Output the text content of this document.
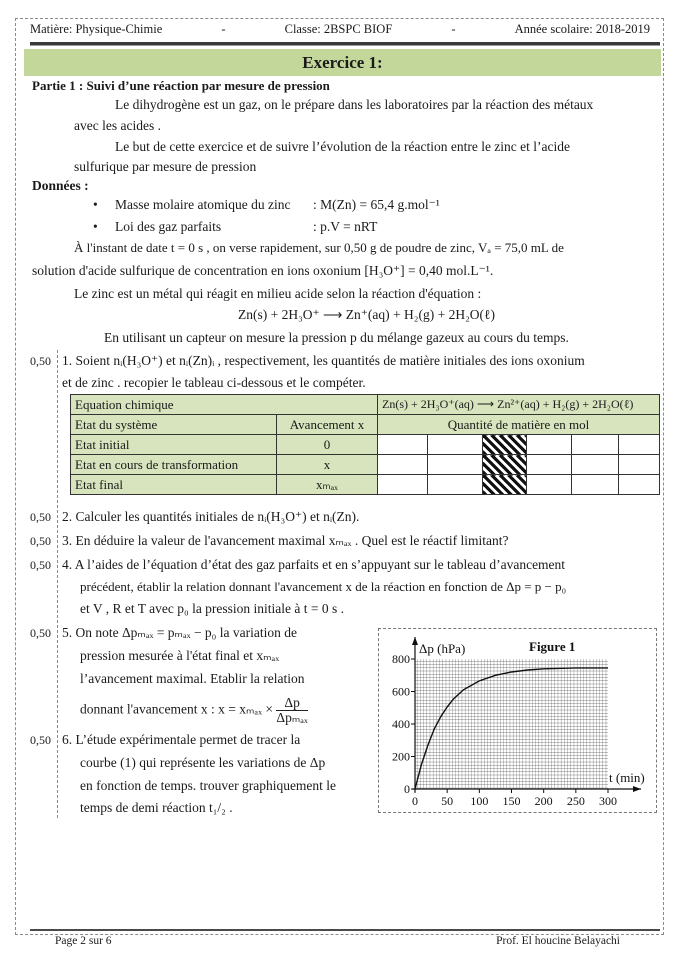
Matière: Physique-Chimie	-	Classe: 2BSPC BIOF	-	Année scolaire: 2018-2019
Exercice 1:
Partie 1 : Suivi d’une réaction par mesure de pression
Le dihydrogène est un gaz, on le prépare dans les laboratoires par la réaction des métaux
avec les acides .
Le but de cette exercice et de suivre l’évolution de la réaction entre le zinc et l’acide
sulfurique par mesure de pression
Données :
• Masse molaire atomique du zinc : M(Zn) = 65,4 g.mol⁻¹
• Loi des gaz parfaits	: p.V = nRT
À l'instant de date t = 0 s , on verse rapidement, sur 0,50 g de poudre de zinc, Vₐ = 75,0 mL de
solution d'acide sulfurique de concentration en ions oxonium [H₃O⁺] = 0,40 mol.L⁻¹.
Le zinc est un métal qui réagit en milieu acide selon la réaction d'équation :
Zn(s) + 2H₃O⁺ ⟶ Zn⁺(aq) + H₂(g) + 2H₂O(ℓ)
En utilisant un capteur on mesure la pression p du mélange gazeux au cours du temps.
0,50 1. Soient nᵢ(H₃O⁺) et nᵢ(Zn)ᵢ , respectivement, les quantités de matière initiales des ions oxonium
et de zinc . recopier le tableau ci-dessous et le compéter.
Equation chimique		Zn(s) + 2H₃O⁺(aq) ⟶ Zn²⁺(aq) + H₂(g) + 2H₂O(ℓ)					
Etat du système	Avancement x	Quantité de matière en mol					
Etat initial	0						
Etat en cours de transformation	x						
Etat final	xₘₐₓ						
0,50 2. Calculer les quantités initiales de nᵢ(H₃O⁺) et nᵢ(Zn).
0,50 3. En déduire la valeur de l'avancement maximal xₘₐₓ . Quel est le réactif limitant?
0,50 4. A l’aides de l’équation d’état des gaz parfaits et en s’appuyant sur le tableau d’avancement
précédent, établir la relation donnant l'avancement x de la réaction en fonction de Δp = p − p₀
et V , R et T avec p₀ la pression initiale à t = 0 s .
0,50 5. On note Δpₘₐₓ = pₘₐₓ − p₀ la variation de
pression mesurée à l'état final et xₘₐₓ
l’avancement maximal. Etablir la relation
donnant l'avancement x : $x = x_{max} \times \frac{\Delta p}{\text{Δpₘₐₓ}}$
0,50 6. L’étude expérimentale permet de tracer la
courbe (1) qui représente les variations de Δp
en fonction de temps. trouver graphiquement le
temps de demi réaction t₁/₂ .	0 50 100 150 200 250 300
0
200
400
600
800
Δp (hPa)	Figure 1
t (min)
Page 2 sur 6	Prof. El houcine Belayachi
